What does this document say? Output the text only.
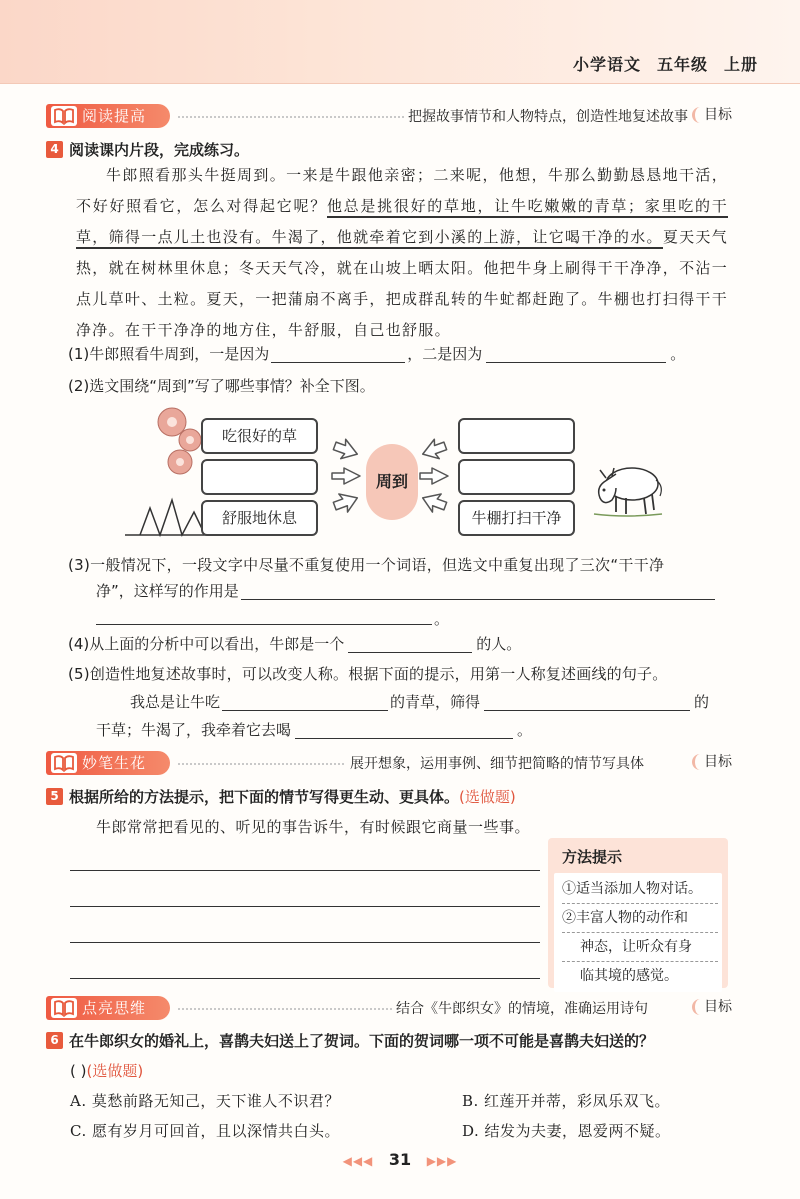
小学语文 五年级 上册
阅读提高	把握故事情节和人物特点，创造性地复述故事 目标
4 阅读课内片段，完成练习。
牛郎照看那头牛挺周到。一来是牛跟他亲密；二来呢，他想，牛那么勤勤恳恳地干活，不好好照看它，怎么对得起它呢？他总是挑很好的草地，让牛吃嫩嫩的青草；家里吃的干草，筛得一点儿土也没有。牛渴了，他就牵着它到小溪的上游，让它喝干净的水。夏天天气热，就在树林里休息；冬天天气冷，就在山坡上晒太阳。他把牛身上刷得干干净净，不沾一点儿草叶、土粒。夏天，一把蒲扇不离手，把成群乱转的牛虻都赶跑了。牛棚也打扫得干干净净。在干干净净的地方住，牛舒服，自己也舒服。
(1)牛郎照看牛周到，一是因为	，二是因为	。
(2)选文围绕“周到”写了哪些事情？补全下图。
吃很好的草
舒服地休息	牛棚打扫干净
周到
(3)一般情况下，一段文字中尽量不重复使用一个词语，但选文中重复出现了三次“干干净
净”，这样写的作用是
。
(4)从上面的分析中可以看出，牛郎是一个	的人。
(5)创造性地复述故事时，可以改变人称。根据下面的提示，用第一人称复述画线的句子。
我总是让牛吃	的青草，筛得	的
干草；牛渴了，我牵着它去喝	。
妙笔生花	展开想象，运用事例、细节把简略的情节写具体	目标
5 根据所给的方法提示，把下面的情节写得更生动、更具体。(选做题)
牛郎常常把看见的、听见的事告诉牛，有时候跟它商量一些事。
方法提示
①适当添加人物对话。
②丰富人物的动作和
神态，让听众有身
临其境的感觉。
点亮思维	结合《牛郎织女》的情境，准确运用诗句	目标
6 在牛郎织女的婚礼上，喜鹊夫妇送上了贺词。下面的贺词哪一项不可能是喜鹊夫妇送的？
( )(选做题)
A. 莫愁前路无知己，天下谁人不识君？	B. 红莲开并蒂，彩凤乐双飞。
C. 愿有岁月可回首，且以深情共白头。	D. 结发为夫妻，恩爱两不疑。
◀◀◀ 31 ▶▶▶
